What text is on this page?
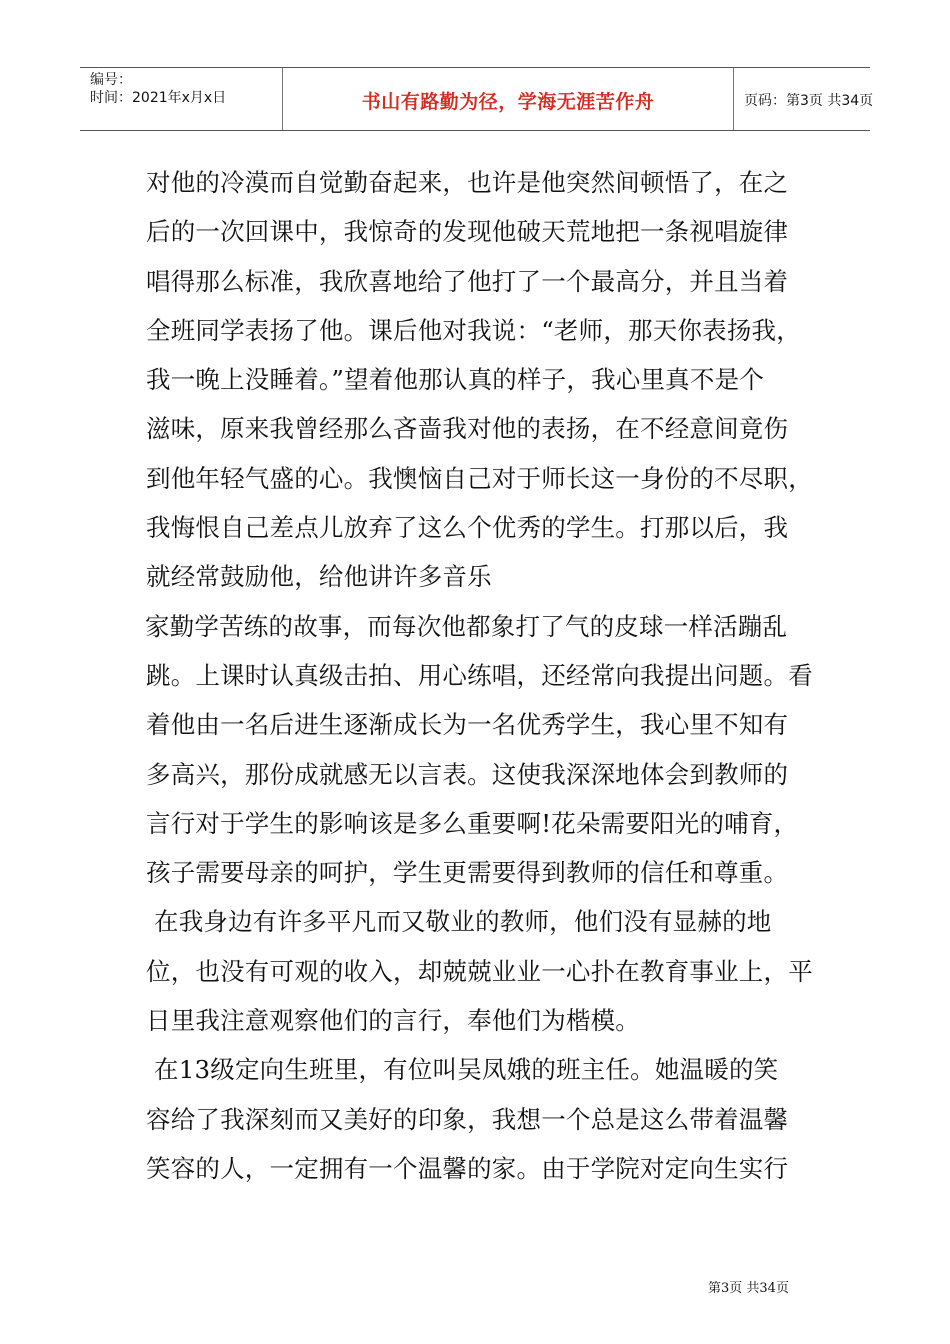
编号：
时间：2021年x月x日	书山有路勤为径，学海无涯苦作舟	页码：第3页 共34页
对他的冷漠而自觉勤奋起来，也许是他突然间顿悟了，在之
后的一次回课中，我惊奇的发现他破天荒地把一条视唱旋律
唱得那么标准，我欣喜地给了他打了一个最高分，并且当着
全班同学表扬了他。课后他对我说：“老师，那天你表扬我，
我一晚上没睡着。”望着他那认真的样子，我心里真不是个
滋味，原来我曾经那么吝啬我对他的表扬，在不经意间竟伤
到他年轻气盛的心。我懊恼自己对于师长这一身份的不尽职，
我悔恨自己差点儿放弃了这么个优秀的学生。打那以后，我
就经常鼓励他，给他讲许多音乐
家勤学苦练的故事，而每次他都象打了气的皮球一样活蹦乱
跳。上课时认真级击拍、用心练唱，还经常向我提出问题。看
着他由一名后进生逐渐成长为一名优秀学生，我心里不知有
多高兴，那份成就感无以言表。这使我深深地体会到教师的
言行对于学生的影响该是多么重要啊!花朵需要阳光的哺育，
孩子需要母亲的呵护，学生更需要得到教师的信任和尊重。
在我身边有许多平凡而又敬业的教师，他们没有显赫的地
位，也没有可观的收入，却兢兢业业一心扑在教育事业上，平
日里我注意观察他们的言行，奉他们为楷模。
在13级定向生班里，有位叫吴凤娥的班主任。她温暖的笑
容给了我深刻而又美好的印象，我想一个总是这么带着温馨
笑容的人，一定拥有一个温馨的家。由于学院对定向生实行
第3页 共34页
